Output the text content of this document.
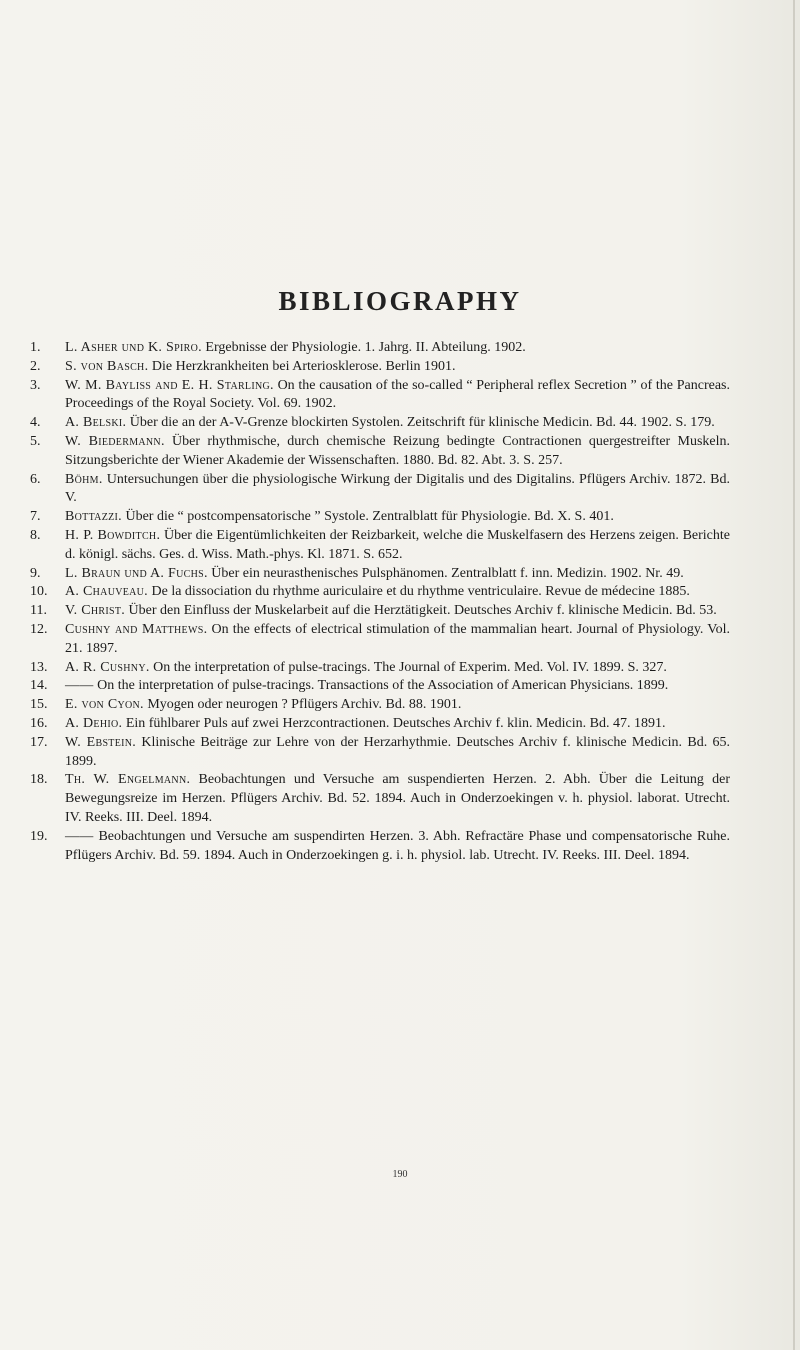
BIBLIOGRAPHY
1.	L. Asher und K. Spiro. Ergebnisse der Physiologie. 1. Jahrg. II. Abteilung. 1902.
2.	S. von Basch. Die Herzkrankheiten bei Arteriosklerose. Berlin 1901.
3.	W. M. Bayliss and E. H. Starling. On the causation of the so-called “ Peripheral reflex Secretion ” of the Pancreas. Proceedings of the Royal Society. Vol. 69. 1902.
4.	A. Belski. Über die an der A-V-Grenze blockirten Systolen. Zeitschrift für klinische Medicin. Bd. 44. 1902. S. 179.
5.	W. Biedermann. Über rhythmische, durch chemische Reizung bedingte Contractionen quergestreifter Muskeln. Sitzungsberichte der Wiener Akademie der Wissenschaften. 1880. Bd. 82. Abt. 3. S. 257.
6.	Böhm. Untersuchungen über die physiologische Wirkung der Digitalis und des Digitalins. Pflügers Archiv. 1872. Bd. V.
7.	Bottazzi. Über die “ postcompensatorische ” Systole. Zentralblatt für Physiologie. Bd. X. S. 401.
8.	H. P. Bowditch. Über die Eigentümlichkeiten der Reizbarkeit, welche die Muskelfasern des Herzens zeigen. Berichte d. königl. sächs. Ges. d. Wiss. Math.-phys. Kl. 1871. S. 652.
9.	L. Braun und A. Fuchs. Über ein neurasthenisches Pulsphänomen. Zentralblatt f. inn. Medizin. 1902. Nr. 49.
10.	A. Chauveau. De la dissociation du rhythme auriculaire et du rhythme ventriculaire. Revue de médecine 1885.
11.	V. Christ. Über den Einfluss der Muskelarbeit auf die Herztätigkeit. Deutsches Archiv f. klinische Medicin. Bd. 53.
12.	Cushny and Matthews. On the effects of electrical stimulation of the mammalian heart. Journal of Physiology. Vol. 21. 1897.
13.	A. R. Cushny. On the interpretation of pulse-tracings. The Journal of Experim. Med. Vol. IV. 1899. S. 327.
14.	—— On the interpretation of pulse-tracings. Transactions of the Association of American Physicians. 1899.
15.	E. von Cyon. Myogen oder neurogen ? Pflügers Archiv. Bd. 88. 1901.
16.	A. Dehio. Ein fühlbarer Puls auf zwei Herzcontractionen. Deutsches Archiv f. klin. Medicin. Bd. 47. 1891.
17.	W. Ebstein. Klinische Beiträge zur Lehre von der Herzarhythmie. Deutsches Archiv f. klinische Medicin. Bd. 65. 1899.
18.	Th. W. Engelmann. Beobachtungen und Versuche am suspendierten Herzen. 2. Abh. Über die Leitung der Bewegungsreize im Herzen. Pflügers Archiv. Bd. 52. 1894. Auch in Onderzoekingen v. h. physiol. laborat. Utrecht. IV. Reeks. III. Deel. 1894.
19.	—— Beobachtungen und Versuche am suspendirten Herzen. 3. Abh. Refractäre Phase und compensatorische Ruhe. Pflügers Archiv. Bd. 59. 1894. Auch in Onderzoekingen g. i. h. physiol. lab. Utrecht. IV. Reeks. III. Deel. 1894.
190
